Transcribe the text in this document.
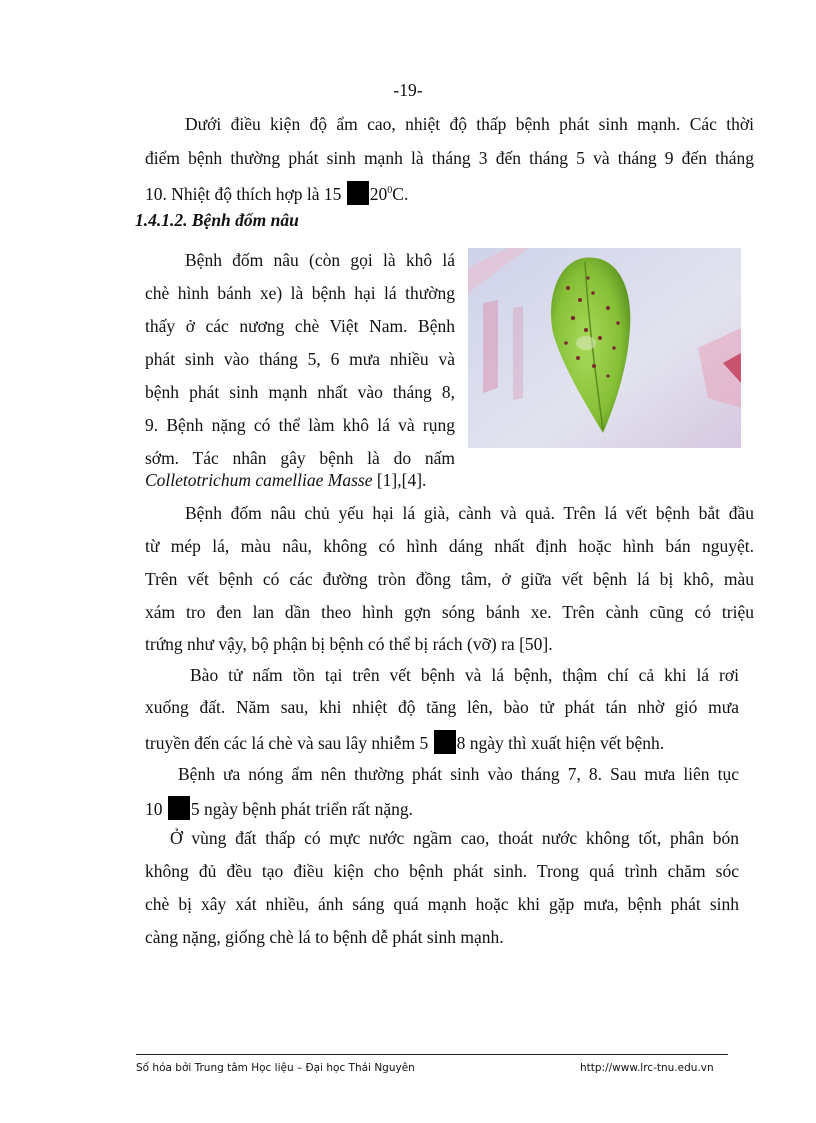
-19-
Dưới điều kiện độ ẩm cao, nhiệt độ thấp bệnh phát sinh mạnh. Các thời
điểm bệnh thường phát sinh mạnh là tháng 3 đến tháng 5 và tháng 9 đến tháng
10. Nhiệt độ thích hợp là 15 $20^0C$.
1.4.1.2. Bệnh đốm nâu
Bệnh đốm nâu (còn gọi là khô lá
chè hình bánh xe) là bệnh hại lá thường
thấy ở các nương chè Việt Nam. Bệnh
phát sinh vào tháng 5, 6 mưa nhiều và
bệnh phát sinh mạnh nhất vào tháng 8,
9. Bệnh nặng có thể làm khô lá và rụng
sớm. Tác nhân gây bệnh là do nấm
Colletotrichum camelliae Masse [1],[4].
Bệnh đốm nâu chủ yếu hại lá già, cành và quả. Trên lá vết bệnh bắt đầu
từ mép lá, màu nâu, không có hình dáng nhất định hoặc hình bán nguyệt.
Trên vết bệnh có các đường tròn đồng tâm, ở giữa vết bệnh lá bị khô, màu
xám tro đen lan dần theo hình gợn sóng bánh xe. Trên cành cũng có triệu
trứng như vậy, bộ phận bị bệnh có thể bị rách (vỡ) ra [50].
Bào tử nấm tồn tại trên vết bệnh và lá bệnh, thậm chí cả khi lá rơi
xuống đất. Năm sau, khi nhiệt độ tăng lên, bào tử phát tán nhờ gió mưa
truyền đến các lá chè và sau lây nhiễm 5 8 ngày thì xuất hiện vết bệnh.
Bệnh ưa nóng ẩm nên thường phát sinh vào tháng 7, 8. Sau mưa liên tục
10 5 ngày bệnh phát triển rất nặng.
Ở vùng đất thấp có mực nước ngầm cao, thoát nước không tốt, phân bón
không đủ đều tạo điều kiện cho bệnh phát sinh. Trong quá trình chăm sóc
chè bị xây xát nhiều, ánh sáng quá mạnh hoặc khi gặp mưa, bệnh phát sinh
càng nặng, giống chè lá to bệnh dễ phát sinh mạnh.
Số hóa bởi Trung tâm Học liệu – Đại học Thái Nguyên	http://www.lrc-tnu.edu.vn
